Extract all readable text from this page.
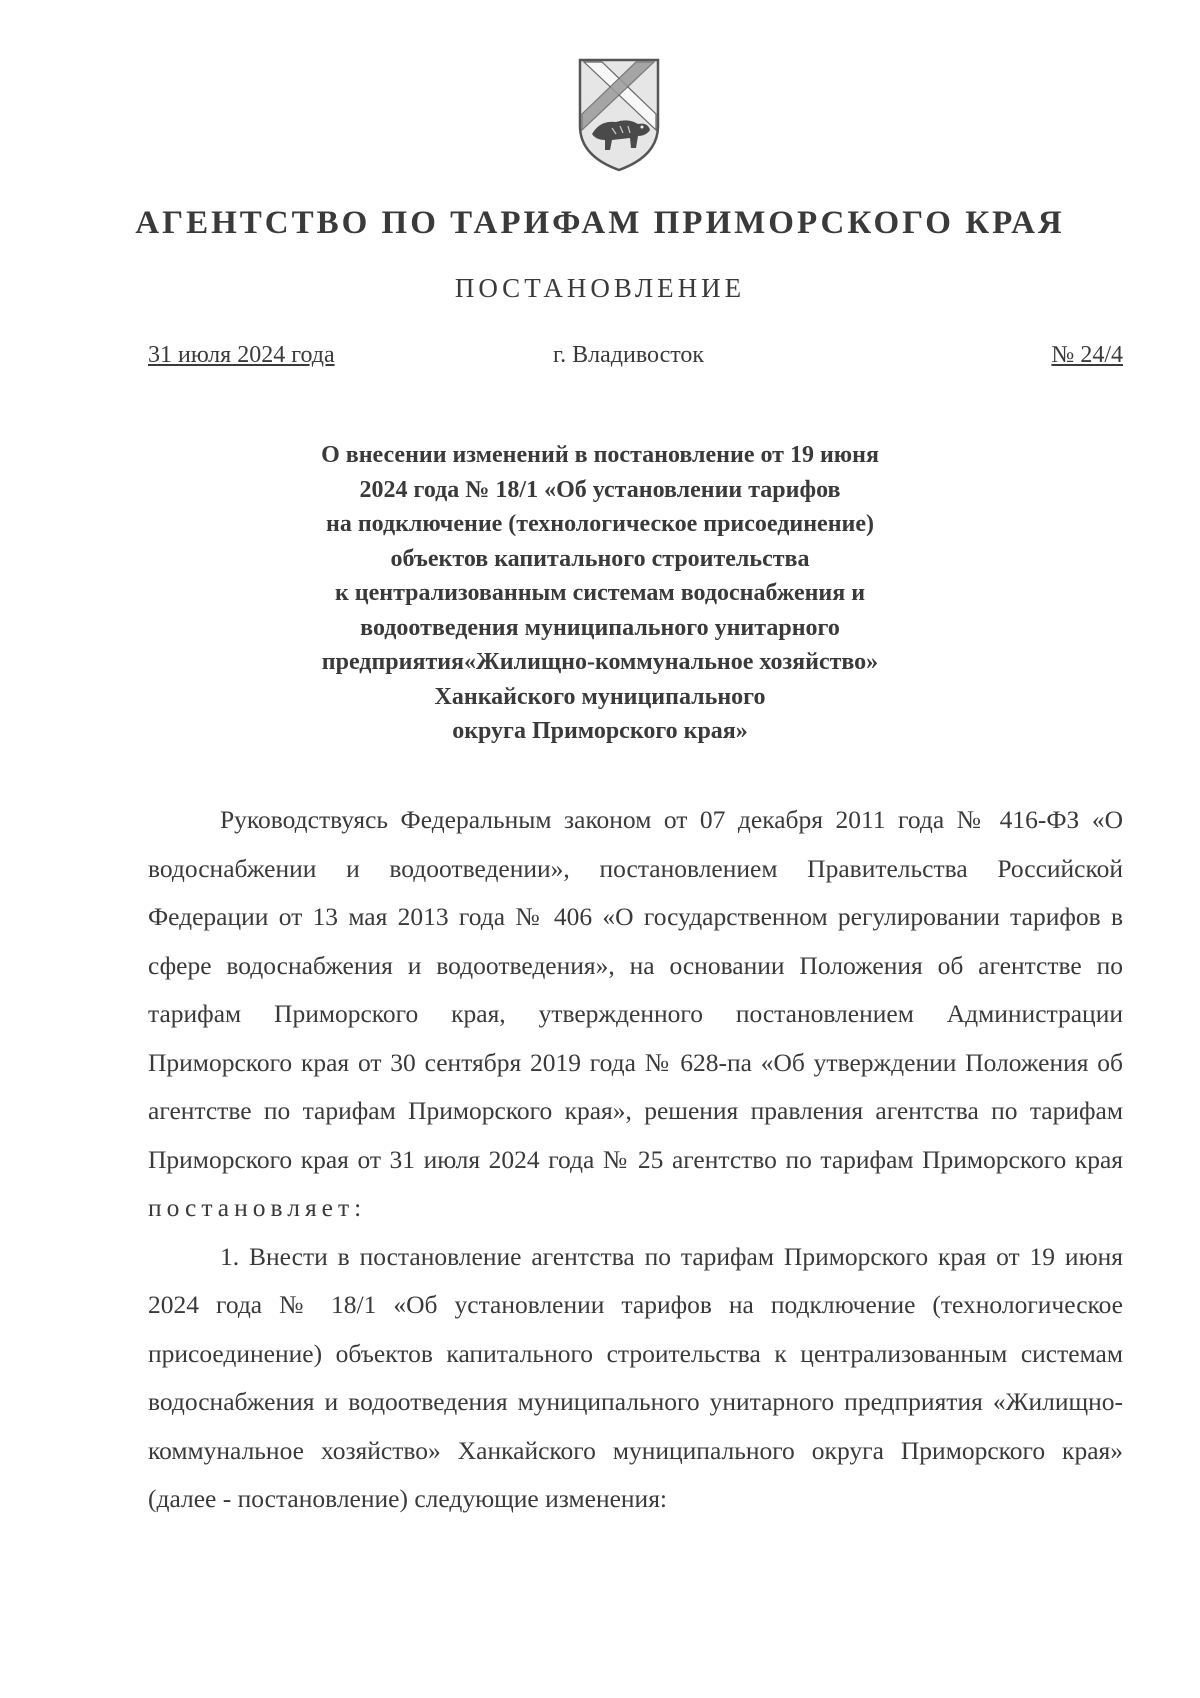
АГЕНТСТВО ПО ТАРИФАМ ПРИМОРСКОГО КРАЯ
ПОСТАНОВЛЕНИЕ
31 июля 2024 года	г. Владивосток	№ 24/4
О внесении изменений в постановление от 19 июня
2024 года № 18/1 «Об установлении тарифов
на подключение (технологическое присоединение)
объектов капитального строительства
к централизованным системам водоснабжения и
водоотведения муниципального унитарного
предприятия«Жилищно-коммунальное хозяйство»
Ханкайского муниципального
округа Приморского края»

Руководствуясь Федеральным законом от 07 декабря 2011 года № 416-ФЗ «О водоснабжении и водоотведении», постановлением Правительства Российской Федерации от 13 мая 2013 года № 406 «О государственном регулировании тарифов в сфере водоснабжения и водоотведения», на основании Положения об агентстве по тарифам Приморского края, утвержденного постановлением Администрации Приморского края от 30 сентября 2019 года № 628-па «Об утверждении Положения об агентстве по тарифам Приморского края», решения правления агентства по тарифам Приморского края от 31 июля 2024 года № 25 агентство по тарифам Приморского края постановляет:

1. Внести в постановление агентства по тарифам Приморского края от 19 июня 2024 года № 18/1 «Об установлении тарифов на подключение (технологическое присоединение) объектов капитального строительства к централизованным системам водоснабжения и водоотведения муниципального унитарного предприятия «Жилищно-коммунальное хозяйство» Ханкайского муниципального округа Приморского края» (далее - постановление) следующие изменения:
